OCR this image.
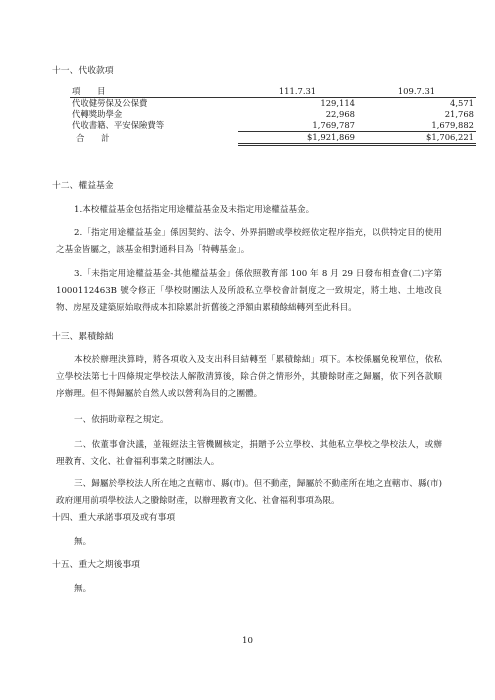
十一、代收款項
項　　目	111.7.31	109.7.31
代收健勞保及公保費	129,114	4,571
代轉獎助學金	22,968	21,768
代收書籍、平安保險費等	1,769,787	1,679,882
合　　計	$1,921,869	$1,706,221
十二、權益基金
1.本校權益基金包括指定用途權益基金及未指定用途權益基金。
2.「指定用途權益基金」係因契約、法令、外界捐贈或學校經依定程序指充，以供特定目的使用之基金皆屬之，該基金相對通科目為「特轉基金」。
3.「未指定用途權益基金-其他權益基金」係依照教育部 100 年 8 月 29 日發布相查會(二)字第 1000112463B 號令修正「學校財團法人及所設私立學校會計制度之一致規定，將土地、土地改良物、房屋及建築原始取得成本扣除累計折舊後之淨額由累積餘絀轉列至此科目。
十三、累積餘絀
本校於辦理決算時，將各項收入及支出科目結轉至「累積餘絀」項下。本校係屬免稅單位，依私立學校法第七十四條規定學校法人解散清算後，除合併之情形外，其賸餘財產之歸屬，依下列各款順序辦理。但不得歸屬於自然人或以營利為目的之團體。
一、依捐助章程之規定。
二、依董事會決議，並報經法主管機關核定，捐贈予公立學校、其他私立學校之學校法人，或辦理教育、文化、社會福利事業之財團法人。
三、歸屬於學校法人所在地之直轄市、縣(市)。但不動產，歸屬於不動產所在地之直轄市、縣(市)政府運用前項學校法人之賸餘財產，以辦理教育文化、社會福利事項為限。
十四、重大承諾事項及或有事項
無。
十五、重大之期後事項
無。
10
